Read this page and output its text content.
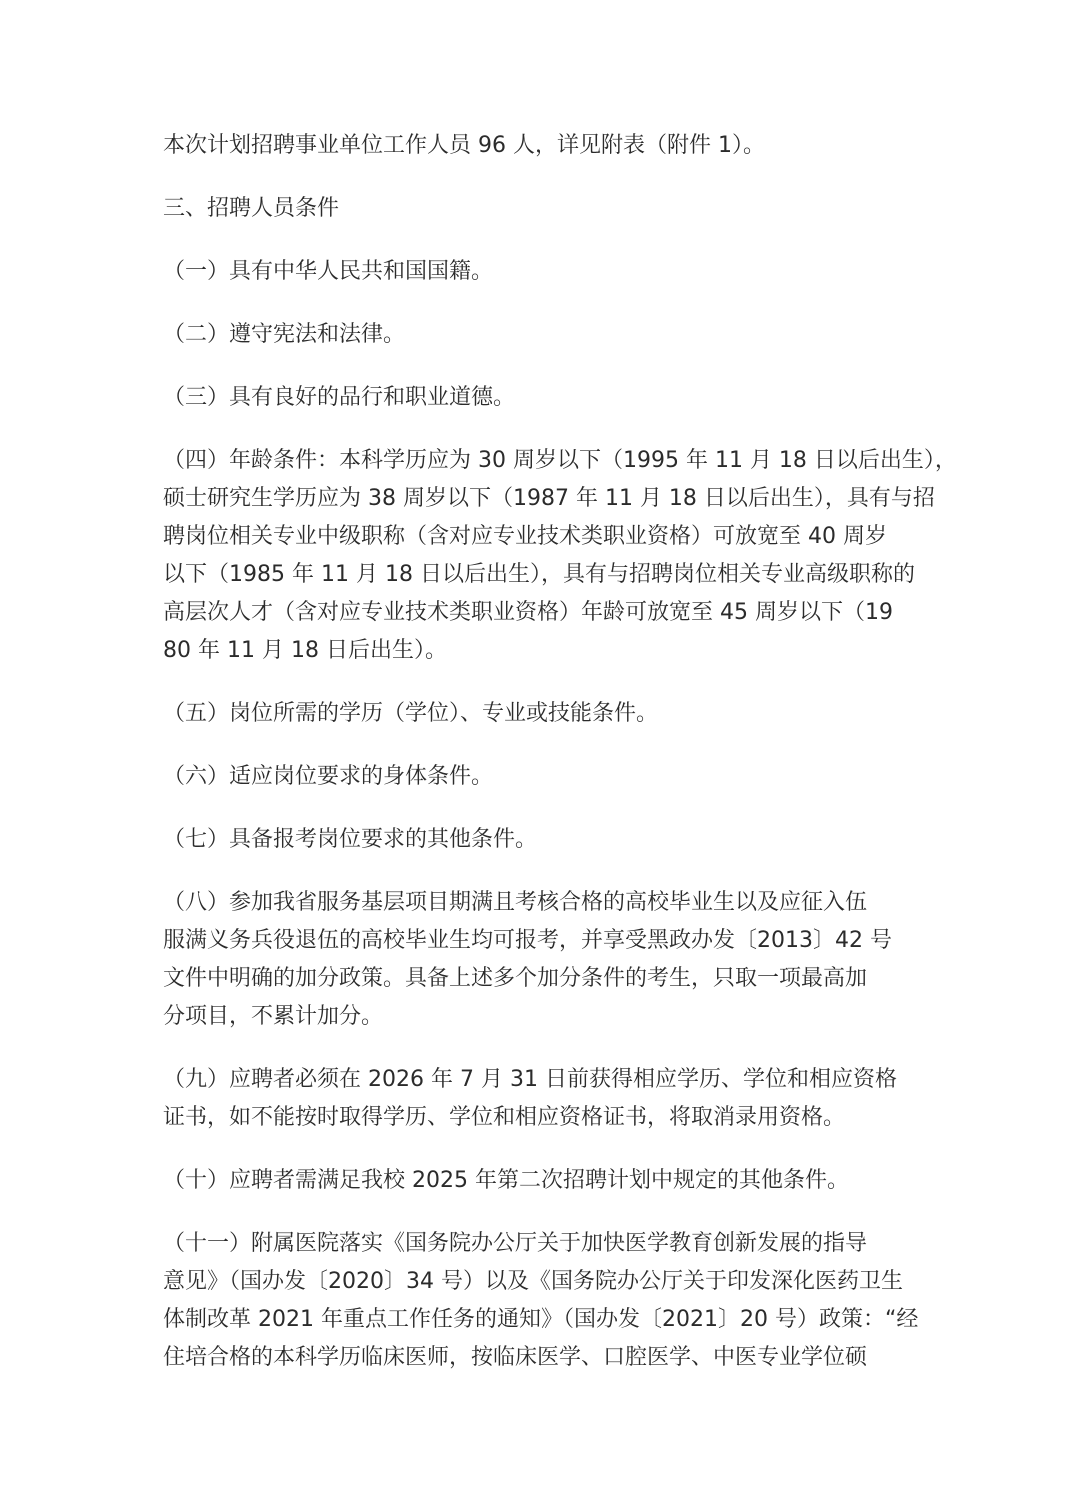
本次计划招聘事业单位工作人员 96 人，详见附表（附件 1）。

三、招聘人员条件

（一）具有中华人民共和国国籍。

（二）遵守宪法和法律。

（三）具有良好的品行和职业道德。

（四）年龄条件：本科学历应为 30 周岁以下（1995 年 11 月 18 日以后出生），
硕士研究生学历应为 38 周岁以下（1987 年 11 月 18 日以后出生），具有与招
聘岗位相关专业中级职称（含对应专业技术类职业资格）可放宽至 40 周岁
以下（1985 年 11 月 18 日以后出生），具有与招聘岗位相关专业高级职称的
高层次人才（含对应专业技术类职业资格）年龄可放宽至 45 周岁以下（19
80 年 11 月 18 日后出生）。

（五）岗位所需的学历（学位）、专业或技能条件。

（六）适应岗位要求的身体条件。

（七）具备报考岗位要求的其他条件。

（八）参加我省服务基层项目期满且考核合格的高校毕业生以及应征入伍
服满义务兵役退伍的高校毕业生均可报考，并享受黑政办发〔2013〕42 号
文件中明确的加分政策。具备上述多个加分条件的考生，只取一项最高加
分项目，不累计加分。

（九）应聘者必须在 2026 年 7 月 31 日前获得相应学历、学位和相应资格
证书，如不能按时取得学历、学位和相应资格证书，将取消录用资格。

（十）应聘者需满足我校 2025 年第二次招聘计划中规定的其他条件。

（十一）附属医院落实《国务院办公厅关于加快医学教育创新发展的指导
意见》（国办发〔2020〕34 号）以及《国务院办公厅关于印发深化医药卫生
体制改革 2021 年重点工作任务的通知》（国办发〔2021〕20 号）政策：“经
住培合格的本科学历临床医师，按临床医学、口腔医学、中医专业学位硕
